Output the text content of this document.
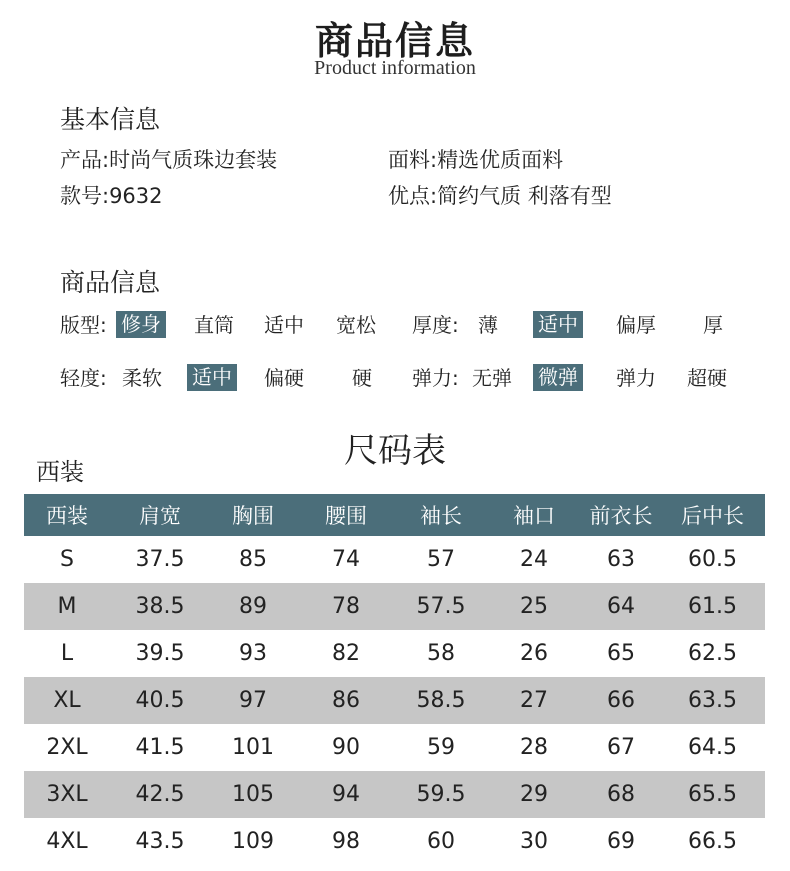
商品信息
Product information
基本信息
产品:时尚气质珠边套装	面料:精选优质面料
款号:9632	优点:简约气质 利落有型
商品信息
版型: 修身 直筒 适中 宽松 厚度: 薄 适中 偏厚 厚
轻度: 柔软 适中 偏硬 硬 弹力: 无弹 微弹 弹力 超硬
尺码表
西装
西装	肩宽	胸围	腰围	袖长	袖口	前衣长	后中长
S	37.5	85	74	57	24	63	60.5
M	38.5	89	78	57.5	25	64	61.5
L	39.5	93	82	58	26	65	62.5
XL	40.5	97	86	58.5	27	66	63.5
2XL	41.5	101	90	59	28	67	64.5
3XL	42.5	105	94	59.5	29	68	65.5
4XL	43.5	109	98	60	30	69	66.5
